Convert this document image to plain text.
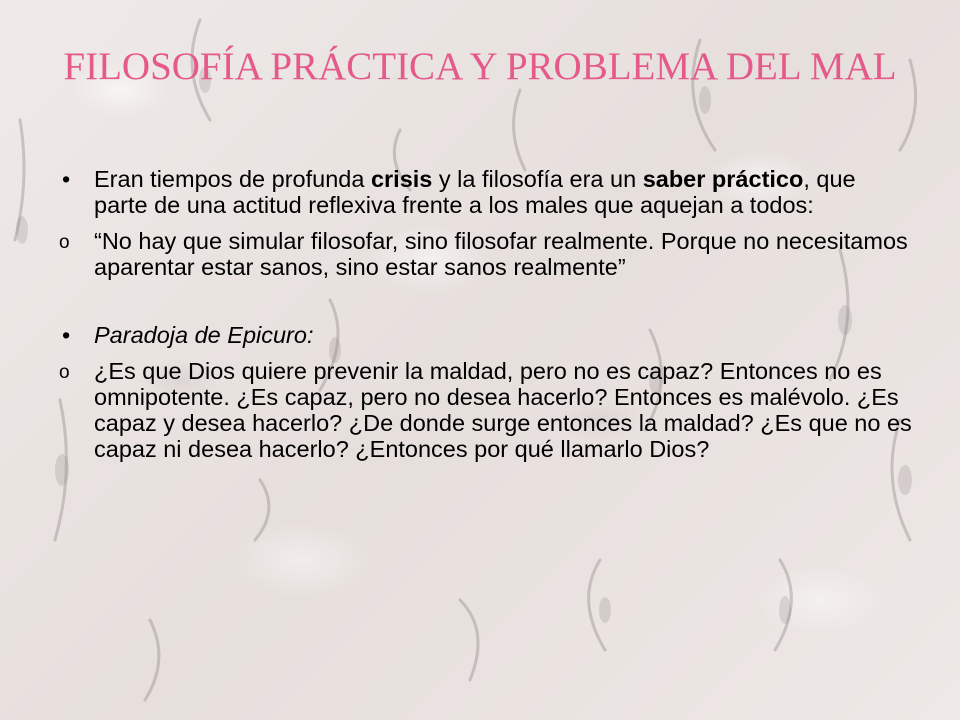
FILOSOFÍA PRÁCTICA Y PROBLEMA DEL MAL
•	Eran tiempos de profunda crisis y la filosofía era un saber práctico, que parte de una actitud reflexiva frente a los males que aquejan a todos:
o	“No hay que simular filosofar, sino filosofar realmente. Porque no necesitamos aparentar estar sanos, sino estar sanos realmente”
•	Paradoja de Epicuro:
o	¿Es que Dios quiere prevenir la maldad, pero no es capaz? Entonces no es omnipotente. ¿Es capaz, pero no desea hacerlo? Entonces es malévolo. ¿Es capaz y desea hacerlo? ¿De donde surge entonces la maldad? ¿Es que no es capaz ni desea hacerlo? ¿Entonces por qué llamarlo Dios?
